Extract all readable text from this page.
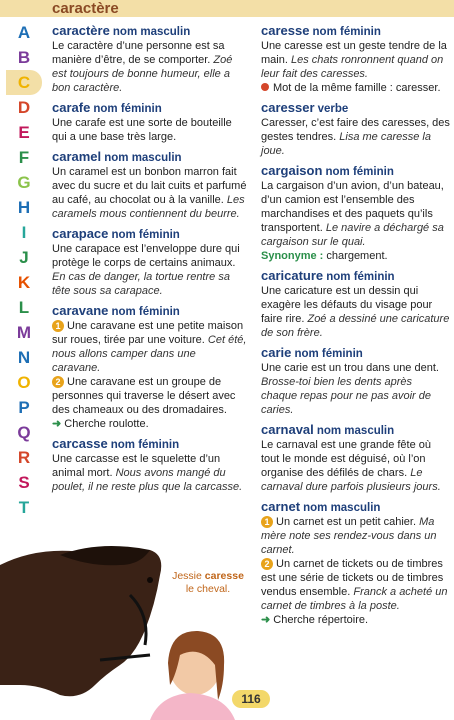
caractère
A
B
C
D
E
F
G
H
I
J
K
L
M
N
O
P
Q
R
S
T
caractère nom masculin
Le caractère d’une personne est sa manière d’être, de se comporter. Zoé est toujours de bonne humeur, elle a bon caractère.
carafe nom féminin
Une carafe est une sorte de bouteille qui a une base très large.
caramel nom masculin
Un caramel est un bonbon marron fait avec du sucre et du lait cuits et parfumé au café, au chocolat ou à la vanille. Les caramels mous contiennent du beurre.
carapace nom féminin
Une carapace est l’enveloppe dure qui protège le corps de certains animaux. En cas de danger, la tortue rentre sa tête sous sa carapace.
caravane nom féminin
1 Une caravane est une petite maison sur roues, tirée par une voiture. Cet été, nous allons camper dans une caravane.
2 Une caravane est un groupe de personnes qui traverse le désert avec des chameaux ou des dromadaires.
➜ Cherche roulotte.
carcasse nom féminin
Une carcasse est le squelette d’un animal mort. Nous avons mangé du poulet, il ne reste plus que la carcasse.
caresse nom féminin
Une caresse est un geste tendre de la main. Les chats ronronnent quand on leur fait des caresses.
Mot de la même famille : caresser.
caresser verbe
Caresser, c’est faire des caresses, des gestes tendres. Lisa me caresse la joue.
cargaison nom féminin
La cargaison d’un avion, d’un bateau, d’un camion est l’ensemble des marchandises et des paquets qu’ils transportent. Le navire a déchargé sa cargaison sur le quai.
Synonyme : chargement.
caricature nom féminin
Une caricature est un dessin qui exagère les défauts du visage pour faire rire. Zoé a dessiné une caricature de son frère.
carie nom féminin
Une carie est un trou dans une dent. Brosse-toi bien les dents après chaque repas pour ne pas avoir de caries.
carnaval nom masculin
Le carnaval est une grande fête où tout le monde est déguisé, où l’on organise des défilés de chars. Le carnaval dure parfois plusieurs jours.
carnet nom masculin
1 Un carnet est un petit cahier. Ma mère note ses rendez-vous dans un carnet.
2 Un carnet de tickets ou de timbres est une série de tickets ou de timbres vendus ensemble. Franck a acheté un carnet de timbres à la poste.
➜ Cherche répertoire.
Jessie caresse le cheval.
116
